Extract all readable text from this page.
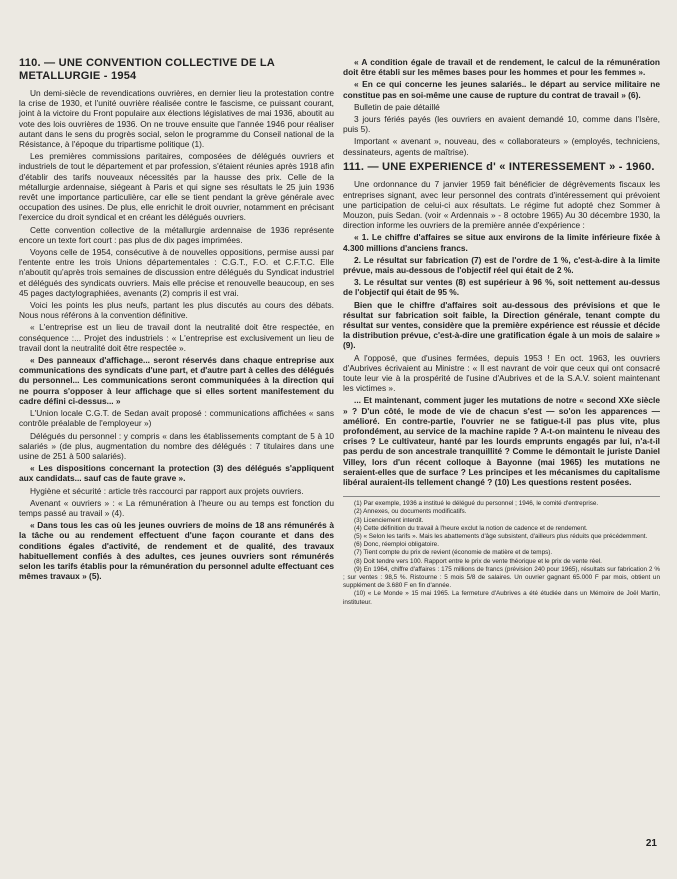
110. — UNE CONVENTION COLLECTIVE DE LA METALLURGIE - 1954

Un demi-siècle de revendications ouvrières, en dernier lieu la protestation contre la crise de 1930, et l'unité ouvrière réalisée contre le fascisme, ce puissant courant, joint à la victoire du Front populaire aux élections législatives de mai 1936, aboutit au vote des lois ouvrières de 1936. On ne trouve ensuite que l'année 1946 pour réaliser autant dans le sens du progrès social, selon le programme du Conseil national de la Résistance, à l'époque du tripartisme politique (1).

Les premières commissions paritaires, composées de délégués ouvriers et industriels de tout le département et par profession, s'étaient réunies après 1918 afin d'établir des tarifs nouveaux nécessités par la hausse des prix. Celle de la métallurgie ardennaise, siégeant à Paris et qui signe ses résultats le 25 juin 1936 revêt une importance particulière, car elle se tient pendant la grève générale avec occupation des usines. De plus, elle enrichit le droit ouvrier, notamment en précisant l'exercice du droit syndical et en créant les délégués ouvriers.

Cette convention collective de la métallurgie ardennaise de 1936 représente encore un texte fort court : pas plus de dix pages imprimées.

Voyons celle de 1954, consécutive à de nouvelles oppositions, permise aussi par l'entente entre les trois Unions départementales : C.G.T., F.O. et C.F.T.C. Elle n'aboutit qu'après trois semaines de discussion entre délégués du Syndicat industriel et délégués des syndicats ouvriers. Mais elle précise et renouvelle beaucoup, en ses 45 pages dactylographiées, avenants (2) compris il est vrai.

Voici les points les plus neufs, partant les plus discutés au cours des débats. Nous nous référons à la convention définitive.

« L'entreprise est un lieu de travail dont la neutralité doit être respectée, en conséquence :... Projet des industriels : « L'entreprise est exclusivement un lieu de travail dont la neutralité doit être respectée ».

« Des panneaux d'affichage... seront réservés dans chaque entreprise aux communications des syndicats d'une part, et d'autre part à celles des délégués du personnel... Les communications seront communiquées à la direction qui ne pourra s'opposer à leur affichage que si elles sortent manifestement du cadre défini ci-dessus... »

L'Union locale C.G.T. de Sedan avait proposé : communications affichées « sans contrôle préalable de l'employeur »)

Délégués du personnel : y compris « dans les établissements comptant de 5 à 10 salariés » (de plus, augmentation du nombre des délégués : 7 titulaires dans une usine de 251 à 500 salariés).

« Les dispositions concernant la protection (3) des délégués s'appliquent aux candidats... sauf cas de faute grave ».

Hygiène et sécurité : article très raccourci par rapport aux projets ouvriers.

Avenant « ouvriers » : « La rémunération à l'heure ou au temps est fonction du temps passé au travail » (4).

« Dans tous les cas où les jeunes ouvriers de moins de 18 ans rémunérés à la tâche ou au rendement effectuent d'une façon courante et dans des conditions égales d'activité, de rendement et de qualité, des travaux habituellement confiés à des adultes, ces jeunes ouvriers sont rémunérés selon les tarifs établis pour la rémunération du personnel adulte effectuant ces mêmes travaux » (5).

« A condition égale de travail et de rendement, le calcul de la rémunération doit être établi sur les mêmes bases pour les hommes et pour les femmes ».

« En ce qui concerne les jeunes salariés.. le départ au service militaire ne constitue pas en soi-même une cause de rupture du contrat de travail » (6).

Bulletin de paie détaillé

3 jours fériés payés (les ouvriers en avaient demandé 10, comme dans l'Isère, puis 5).

Important « avenant », nouveau, des « collaborateurs » (employés, techniciens, dessinateurs, agents de maîtrise).

111. — UNE EXPERIENCE d' « INTERESSEMENT » - 1960.

Une ordonnance du 7 janvier 1959 fait bénéficier de dégrèvements fiscaux les entreprises signant, avec leur personnel des contrats d'intéressement qui prévoient une participation de celui-ci aux résultats. Le régime fut adopté chez Sommer à Mouzon, puis Sedan. (voir « Ardennais » - 8 octobre 1965) Au 30 décembre 1930, la direction informe les ouvriers de la première année d'expérience :

« 1. Le chiffre d'affaires se situe aux environs de la limite inférieure fixée à 4.300 millions d'anciens francs.

2. Le résultat sur fabrication (7) est de l'ordre de 1 %, c'est-à-dire à la limite prévue, mais au-dessous de l'objectif réel qui était de 2 %.

3. Le résultat sur ventes (8) est supérieur à 96 %, soit nettement au-dessus de l'objectif qui était de 95 %.

Bien que le chiffre d'affaires soit au-dessous des prévisions et que le résultat sur fabrication soit faible, la Direction générale, tenant compte du résultat sur ventes, considère que la première expérience est réussie et décide la distribution prévue, c'est-à-dire une gratification égale à un mois de salaire » (9).

A l'opposé, que d'usines fermées, depuis 1953 ! En oct. 1963, les ouvriers d'Aubrives écrivaient au Ministre : « Il est navrant de voir que ceux qui ont consacré toute leur vie à la prospérité de l'usine d'Aubrives et de la S.A.V. soient maintenant les victimes ».

... Et maintenant, comment juger les mutations de notre « second XXe siècle » ? D'un côté, le mode de vie de chacun s'est — so'on les apparences — amélioré. En contre-partie, l'ouvrier ne se fatigue-t-il pas plus vite, plus profondément, au service de la machine rapide ? A-t-on maintenu le niveau des crises ? Le cultivateur, hanté par les lourds emprunts engagés par lui, n'a-t-il pas perdu de son ancestrale tranquillité ? Comme le démontait le juriste Daniel Villey, lors d'un récent colloque à Bayonne (mai 1965) les mutations ne seraient-elles que de surface ? Les principes et les mécanismes du capitalisme libéral auraient-ils tellement changé ? (10) Les questions restent posées.

(1) Par exemple, 1936 a institué le délégué du personnel ; 1946, le comité d'entreprise.

(2) Annexes, ou documents modificatifs.

(3) Licenciement interdit.

(4) Cette définition du travail à l'heure exclut la notion de cadence et de rendement.

(5) « Selon les tarifs ». Mais les abattements d'âge subsistent, d'ailleurs plus réduits que précédemment.

(6) Donc, réemploi obligatoire.

(7) Tient compte du prix de revient (économie de matière et de temps).

(8) Doit tendre vers 100. Rapport entre le prix de vente théorique et le prix de vente réel.

(9) En 1964, chiffre d'affaires : 175 millions de francs (prévision 240 pour 1965), résultats sur fabrication 2 % ; sur ventes : 98,5 %. Ristourne : 5 mois 5/8 de salaires. Un ouvrier gagnant 65.000 F par mois, obtient un supplément de 3.680 F en fin d'année.

(10) « Le Monde » 15 mai 1965. La fermeture d'Aubrives a été étudiée dans un Mémoire de Joël Martin, instituteur.

21
